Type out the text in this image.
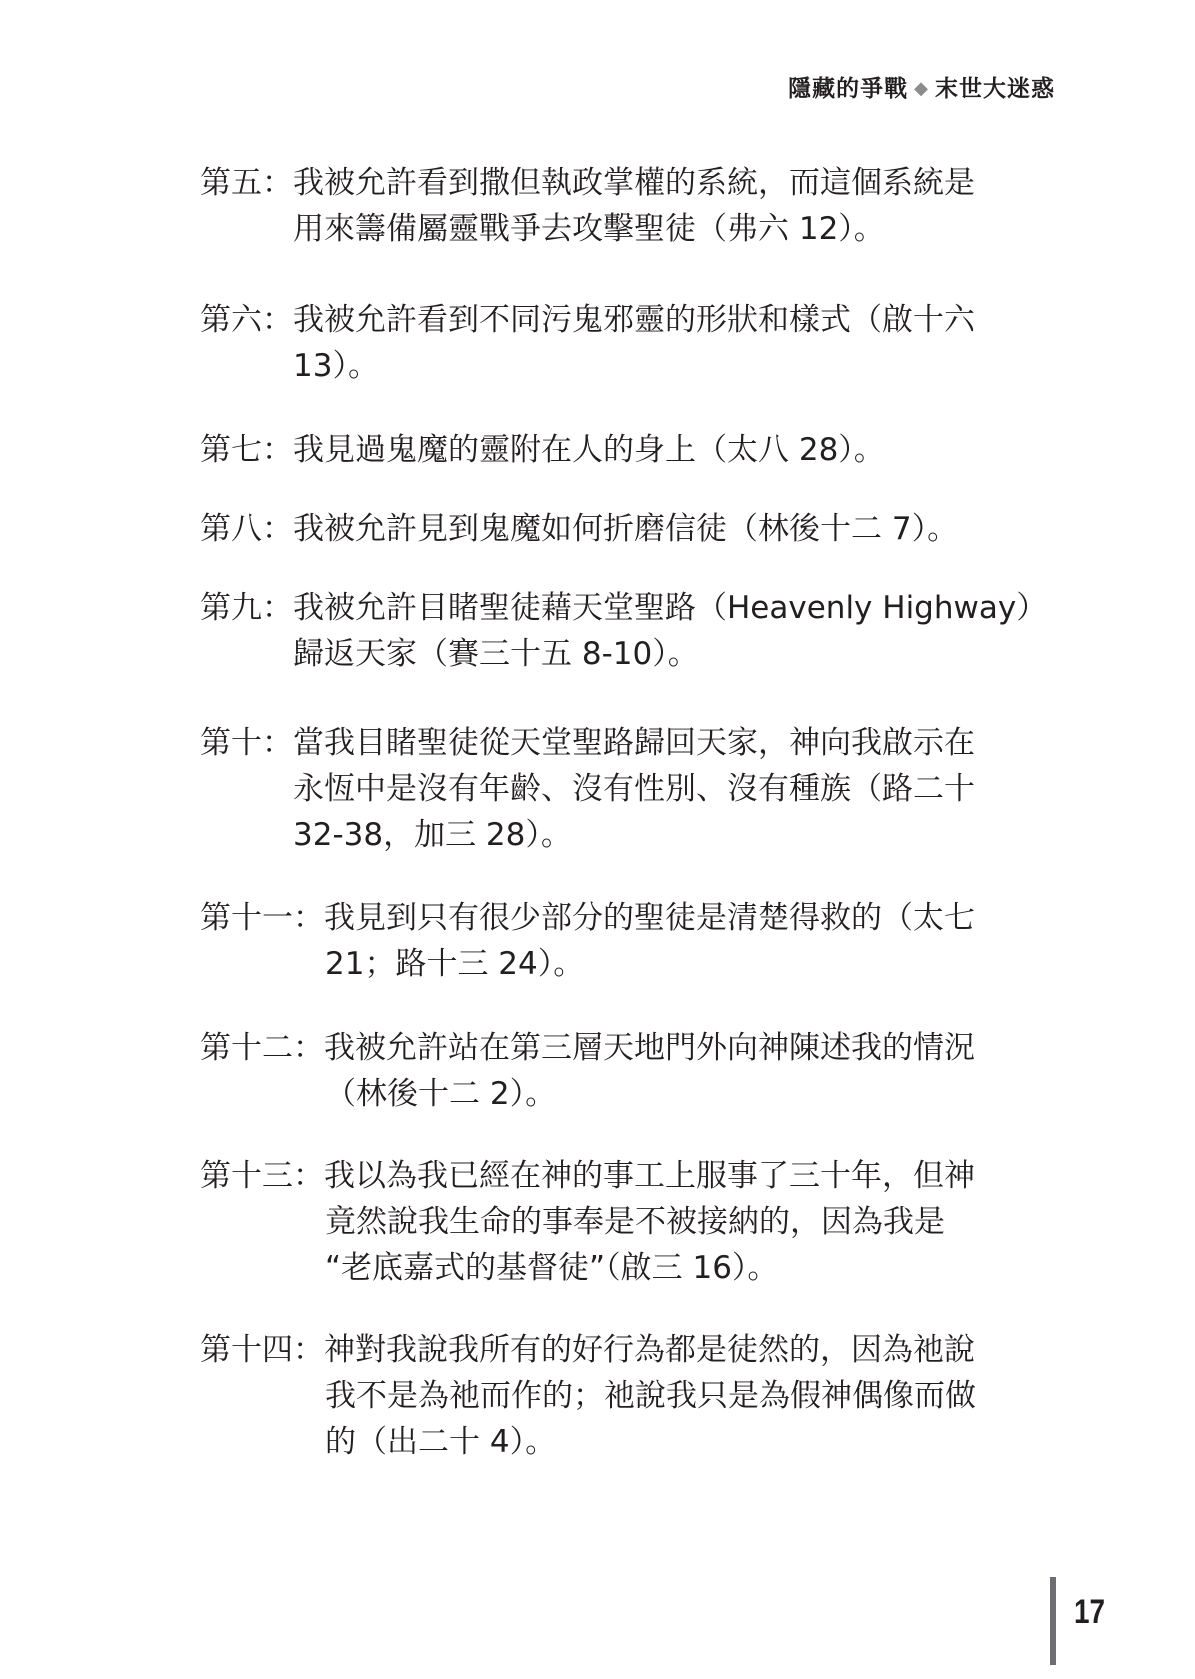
隱藏的爭戰 ◆ 末世大迷惑
第五：我被允許看到撒但執政掌權的系統，而這個系統是
用來籌備屬靈戰爭去攻擊聖徒（弗六 12）。
第六：我被允許看到不同污鬼邪靈的形狀和樣式（啟十六
13）。
第七：我見過鬼魔的靈附在人的身上（太八 28）。
第八：我被允許見到鬼魔如何折磨信徒（林後十二 7）。
第九：我被允許目睹聖徒藉天堂聖路（Heavenly Highway）
歸返天家（賽三十五 8-10）。
第十：當我目睹聖徒從天堂聖路歸回天家，神向我啟示在
永恆中是沒有年齡、沒有性別、沒有種族（路二十
32-38，加三 28）。
第十一：我見到只有很少部分的聖徒是清楚得救的（太七
21；路十三 24）。
第十二：我被允許站在第三層天地門外向神陳述我的情況
（林後十二 2）。
第十三：我以為我已經在神的事工上服事了三十年，但神
竟然說我生命的事奉是不被接納的，因為我是
“老底嘉式的基督徒”（啟三 16）。
第十四：神對我說我所有的好行為都是徒然的，因為祂說
我不是為祂而作的；祂說我只是為假神偶像而做
的（出二十 4）。
17
